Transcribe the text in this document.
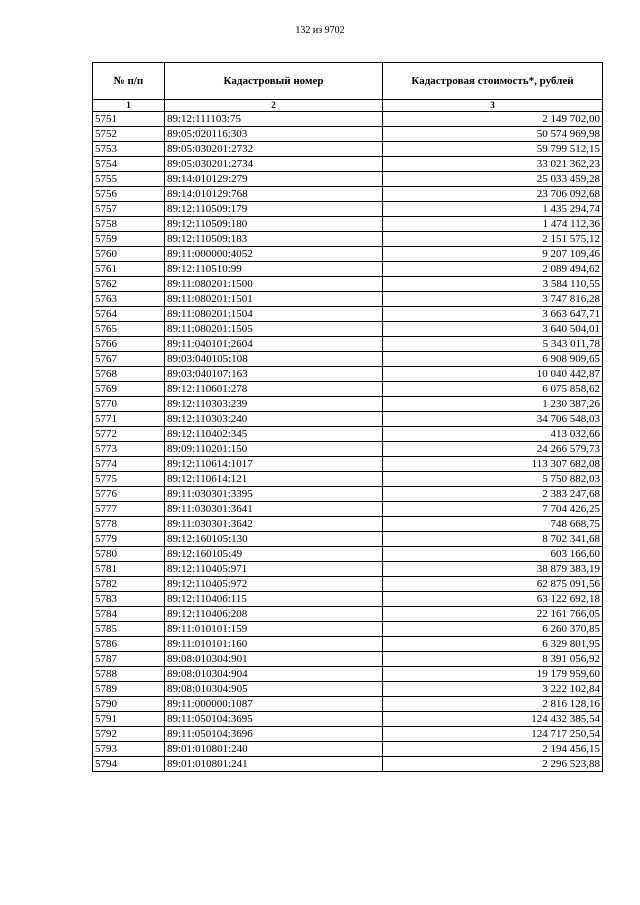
132 из 9702
№ п/п	Кадастровый номер	Кадастровая стоимость*, рублей
1	2	3
5751	89:12:111103:75	2 149 702,00
5752	89:05:020116:303	50 574 969,98
5753	89:05:030201:2732	59 799 512,15
5754	89:05:030201:2734	33 021 362,23
5755	89:14:010129:279	25 033 459,28
5756	89:14:010129:768	23 706 092,68
5757	89:12:110509:179	1 435 294,74
5758	89:12:110509:180	1 474 112,36
5759	89:12:110509:183	2 151 575,12
5760	89:11:000000:4052	9 207 109,46
5761	89:12:110510:99	2 089 494,62
5762	89:11:080201:1500	3 584 110,55
5763	89:11:080201:1501	3 747 816,28
5764	89:11:080201:1504	3 663 647,71
5765	89:11:080201:1505	3 640 504,01
5766	89:11:040101:2604	5 343 011,78
5767	89:03:040105:108	6 908 909,65
5768	89:03:040107:163	10 040 442,87
5769	89:12:110601:278	6 075 858,62
5770	89:12:110303:239	1 230 387,26
5771	89:12:110303:240	34 706 548,03
5772	89:12:110402:345	413 032,66
5773	89:09:110201:150	24 266 579,73
5774	89:12:110614:1017	113 307 682,08
5775	89:12:110614:121	5 750 882,03
5776	89:11:030301:3395	2 383 247,68
5777	89:11:030301:3641	7 704 426,25
5778	89:11:030301:3642	748 668,75
5779	89:12:160105:130	8 702 341,68
5780	89:12:160105:49	603 166,60
5781	89:12:110405:971	38 879 383,19
5782	89:12:110405:972	62 875 091,56
5783	89:12:110406:115	63 122 692,18
5784	89:12:110406:208	22 161 766,05
5785	89:11:010101:159	6 260 370,85
5786	89:11:010101:160	6 329 801,95
5787	89:08:010304:901	8 391 056,92
5788	89:08:010304:904	19 179 959,60
5789	89:08:010304:905	3 222 102,84
5790	89:11:000000:1087	2 816 128,16
5791	89:11:050104:3695	124 432 385,54
5792	89:11:050104:3696	124 717 250,54
5793	89:01:010801:240	2 194 456,15
5794	89:01:010801:241	2 296 523,88
